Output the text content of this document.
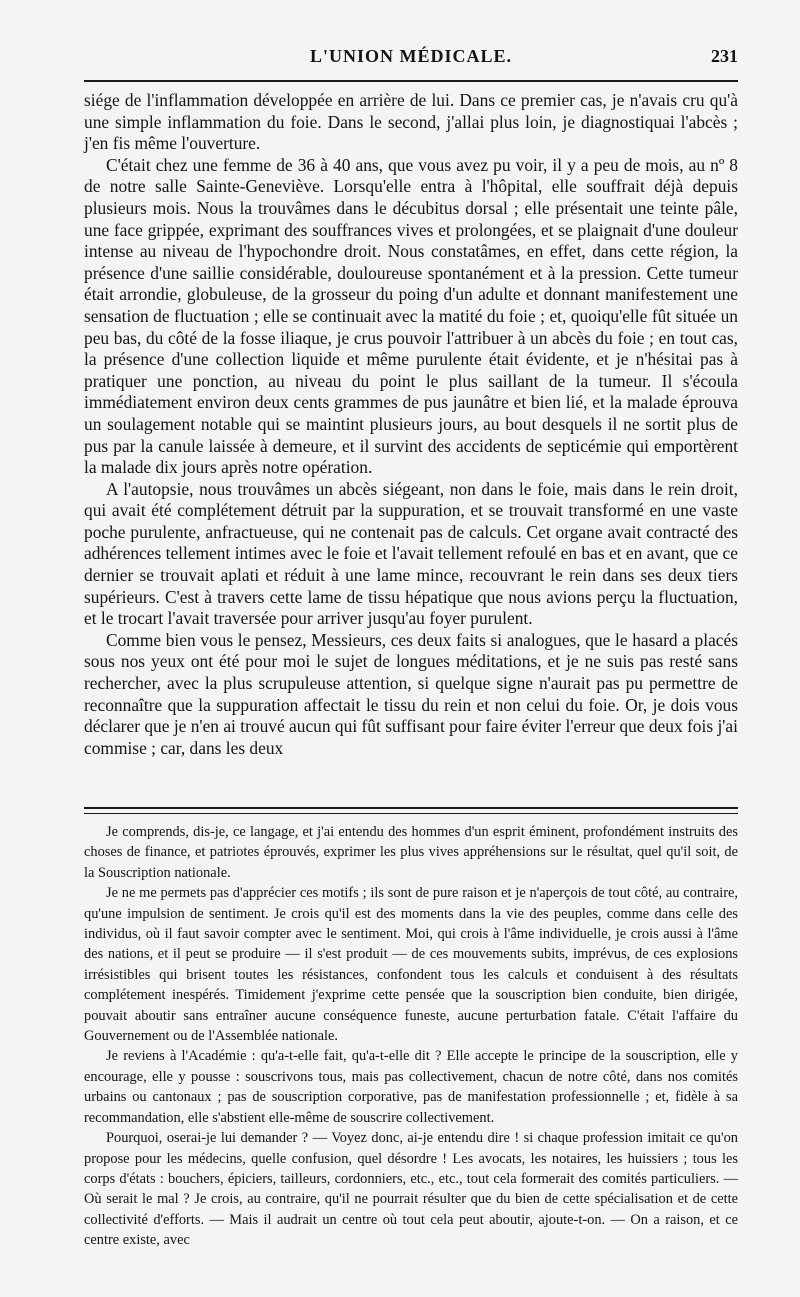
L'UNION MÉDICALE.	231

siége de l'inflammation développée en arrière de lui. Dans ce premier cas, je n'avais cru qu'à une simple inflammation du foie. Dans le second, j'allai plus loin, je diagnostiquai l'abcès ; j'en fis même l'ouverture.

C'était chez une femme de 36 à 40 ans, que vous avez pu voir, il y a peu de mois, au nº 8 de notre salle Sainte-Geneviève. Lorsqu'elle entra à l'hôpital, elle souffrait déjà depuis plusieurs mois. Nous la trouvâmes dans le décubitus dorsal ; elle présentait une teinte pâle, une face grippée, exprimant des souffrances vives et prolongées, et se plaignait d'une douleur intense au niveau de l'hypochondre droit. Nous constatâmes, en effet, dans cette région, la présence d'une saillie considérable, douloureuse spontanément et à la pression. Cette tumeur était arrondie, globuleuse, de la grosseur du poing d'un adulte et donnant manifestement une sensation de fluctuation ; elle se continuait avec la matité du foie ; et, quoiqu'elle fût située un peu bas, du côté de la fosse iliaque, je crus pouvoir l'attribuer à un abcès du foie ; en tout cas, la présence d'une collection liquide et même purulente était évidente, et je n'hésitai pas à pratiquer une ponction, au niveau du point le plus saillant de la tumeur. Il s'écoula immédiatement environ deux cents grammes de pus jaunâtre et bien lié, et la malade éprouva un soulagement notable qui se maintint plusieurs jours, au bout desquels il ne sortit plus de pus par la canule laissée à demeure, et il survint des accidents de septicémie qui emportèrent la malade dix jours après notre opération.

A l'autopsie, nous trouvâmes un abcès siégeant, non dans le foie, mais dans le rein droit, qui avait été complétement détruit par la suppuration, et se trouvait transformé en une vaste poche purulente, anfractueuse, qui ne contenait pas de calculs. Cet organe avait contracté des adhérences tellement intimes avec le foie et l'avait tellement refoulé en bas et en avant, que ce dernier se trouvait aplati et réduit à une lame mince, recouvrant le rein dans ses deux tiers supérieurs. C'est à travers cette lame de tissu hépatique que nous avions perçu la fluctuation, et le trocart l'avait traversée pour arriver jusqu'au foyer purulent.

Comme bien vous le pensez, Messieurs, ces deux faits si analogues, que le hasard a placés sous nos yeux ont été pour moi le sujet de longues méditations, et je ne suis pas resté sans rechercher, avec la plus scrupuleuse attention, si quelque signe n'aurait pas pu permettre de reconnaître que la suppuration affectait le tissu du rein et non celui du foie. Or, je dois vous déclarer que je n'en ai trouvé aucun qui fût suffisant pour faire éviter l'erreur que deux fois j'ai commise ; car, dans les deux

Je comprends, dis-je, ce langage, et j'ai entendu des hommes d'un esprit éminent, profondément instruits des choses de finance, et patriotes éprouvés, exprimer les plus vives appréhensions sur le résultat, quel qu'il soit, de la Souscription nationale.

Je ne me permets pas d'apprécier ces motifs ; ils sont de pure raison et je n'aperçois de tout côté, au contraire, qu'une impulsion de sentiment. Je crois qu'il est des moments dans la vie des peuples, comme dans celle des individus, où il faut savoir compter avec le sentiment. Moi, qui crois à l'âme individuelle, je crois aussi à l'âme des nations, et il peut se produire — il s'est produit — de ces mouvements subits, imprévus, de ces explosions irrésistibles qui brisent toutes les résistances, confondent tous les calculs et conduisent à des résultats complétement inespérés. Timidement j'exprime cette pensée que la souscription bien conduite, bien dirigée, pouvait aboutir sans entraîner aucune conséquence funeste, aucune perturbation fatale. C'était l'affaire du Gouvernement ou de l'Assemblée nationale.

Je reviens à l'Académie : qu'a-t-elle fait, qu'a-t-elle dit ? Elle accepte le principe de la souscription, elle y encourage, elle y pousse : souscrivons tous, mais pas collectivement, chacun de notre côté, dans nos comités urbains ou cantonaux ; pas de souscription corporative, pas de manifestation professionnelle ; et, fidèle à sa recommandation, elle s'abstient elle-même de souscrire collectivement.

Pourquoi, oserai-je lui demander ? — Voyez donc, ai-je entendu dire ! si chaque profession imitait ce qu'on propose pour les médecins, quelle confusion, quel désordre ! Les avocats, les notaires, les huissiers ; tous les corps d'états : bouchers, épiciers, tailleurs, cordonniers, etc., etc., tout cela formerait des comités particuliers. — Où serait le mal ? Je crois, au contraire, qu'il ne pourrait résulter que du bien de cette spécialisation et de cette collectivité d'efforts. — Mais il audrait un centre où tout cela peut aboutir, ajoute-t-on. — On a raison, et ce centre existe, avec
